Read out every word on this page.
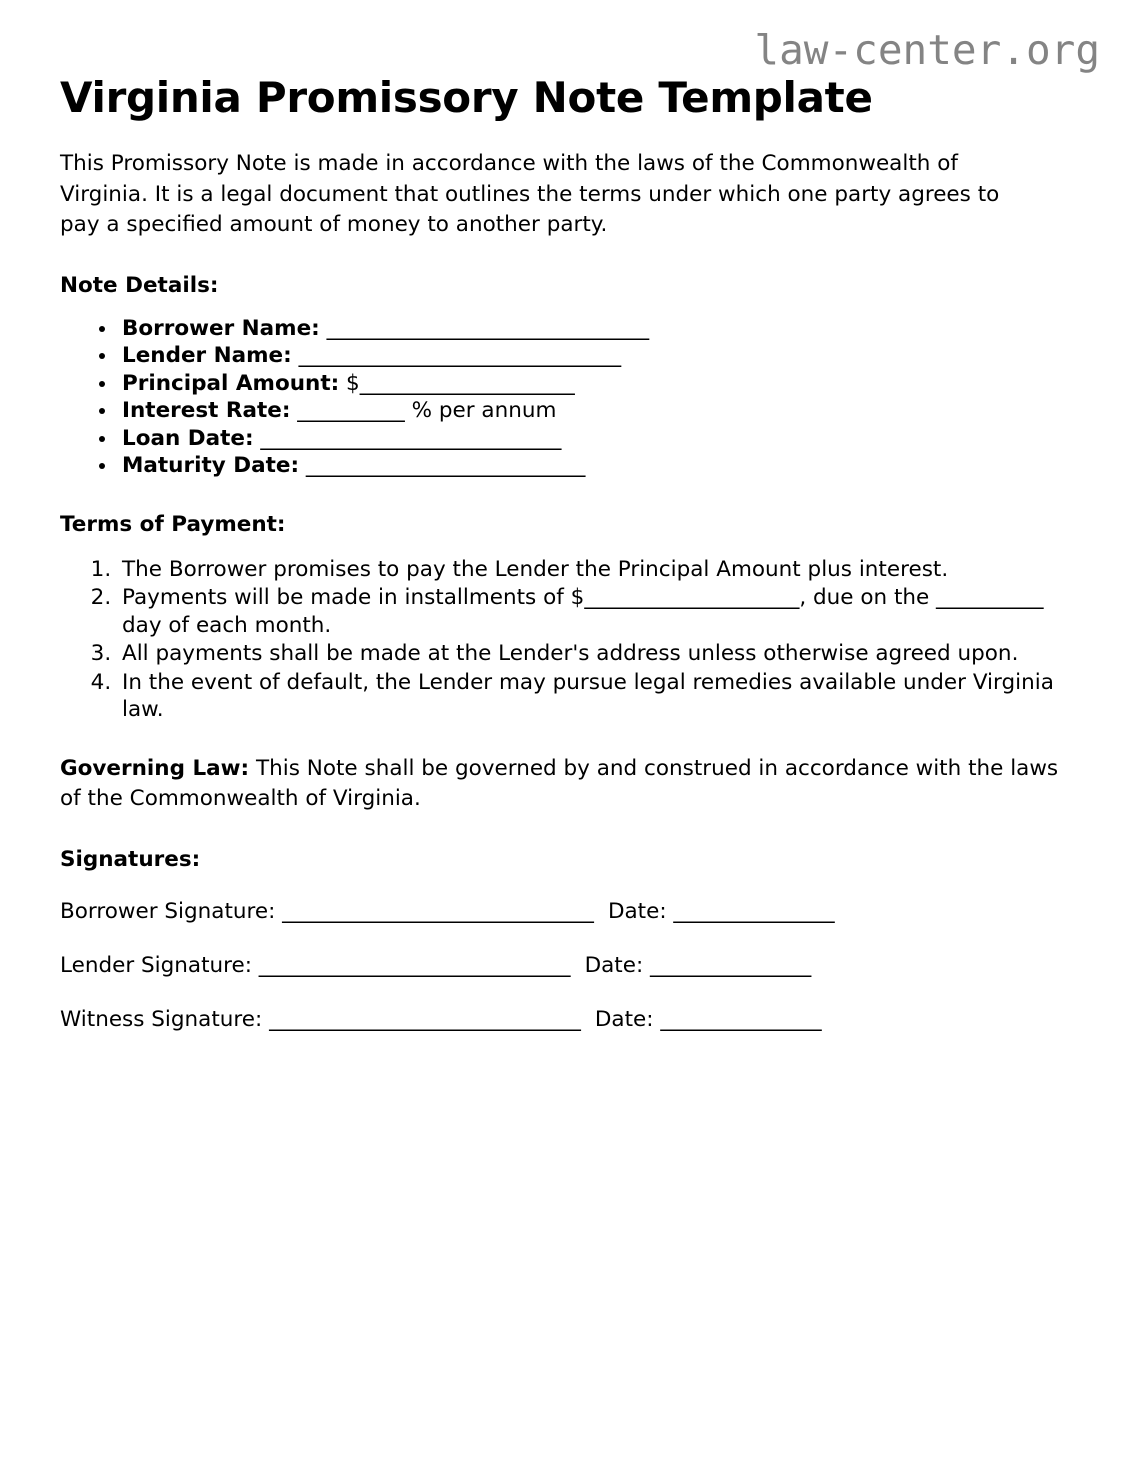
law-center.org
Virginia Promissory Note Template

This Promissory Note is made in accordance with the laws of the Commonwealth of Virginia. It is a legal document that outlines the terms under which one party agrees to pay a specified amount of money to another party.

Note Details:
• Borrower Name: ______________________________
• Lender Name: ______________________________
• Principal Amount: $____________________
• Interest Rate: __________ % per annum
• Loan Date: ____________________________
• Maturity Date: __________________________
Terms of Payment:
1. The Borrower promises to pay the Lender the Principal Amount plus interest.
2. Payments will be made in installments of $____________________, due on the __________ day of each month.
3. All payments shall be made at the Lender's address unless otherwise agreed upon.
4. In the event of default, the Lender may pursue legal remedies available under Virginia law.

Governing Law: This Note shall be governed by and construed in accordance with the laws of the Commonwealth of Virginia.

Signatures:
Borrower Signature: _____________________________ Date: _______________
Lender Signature: _____________________________ Date: _______________
Witness Signature: _____________________________ Date: _______________
